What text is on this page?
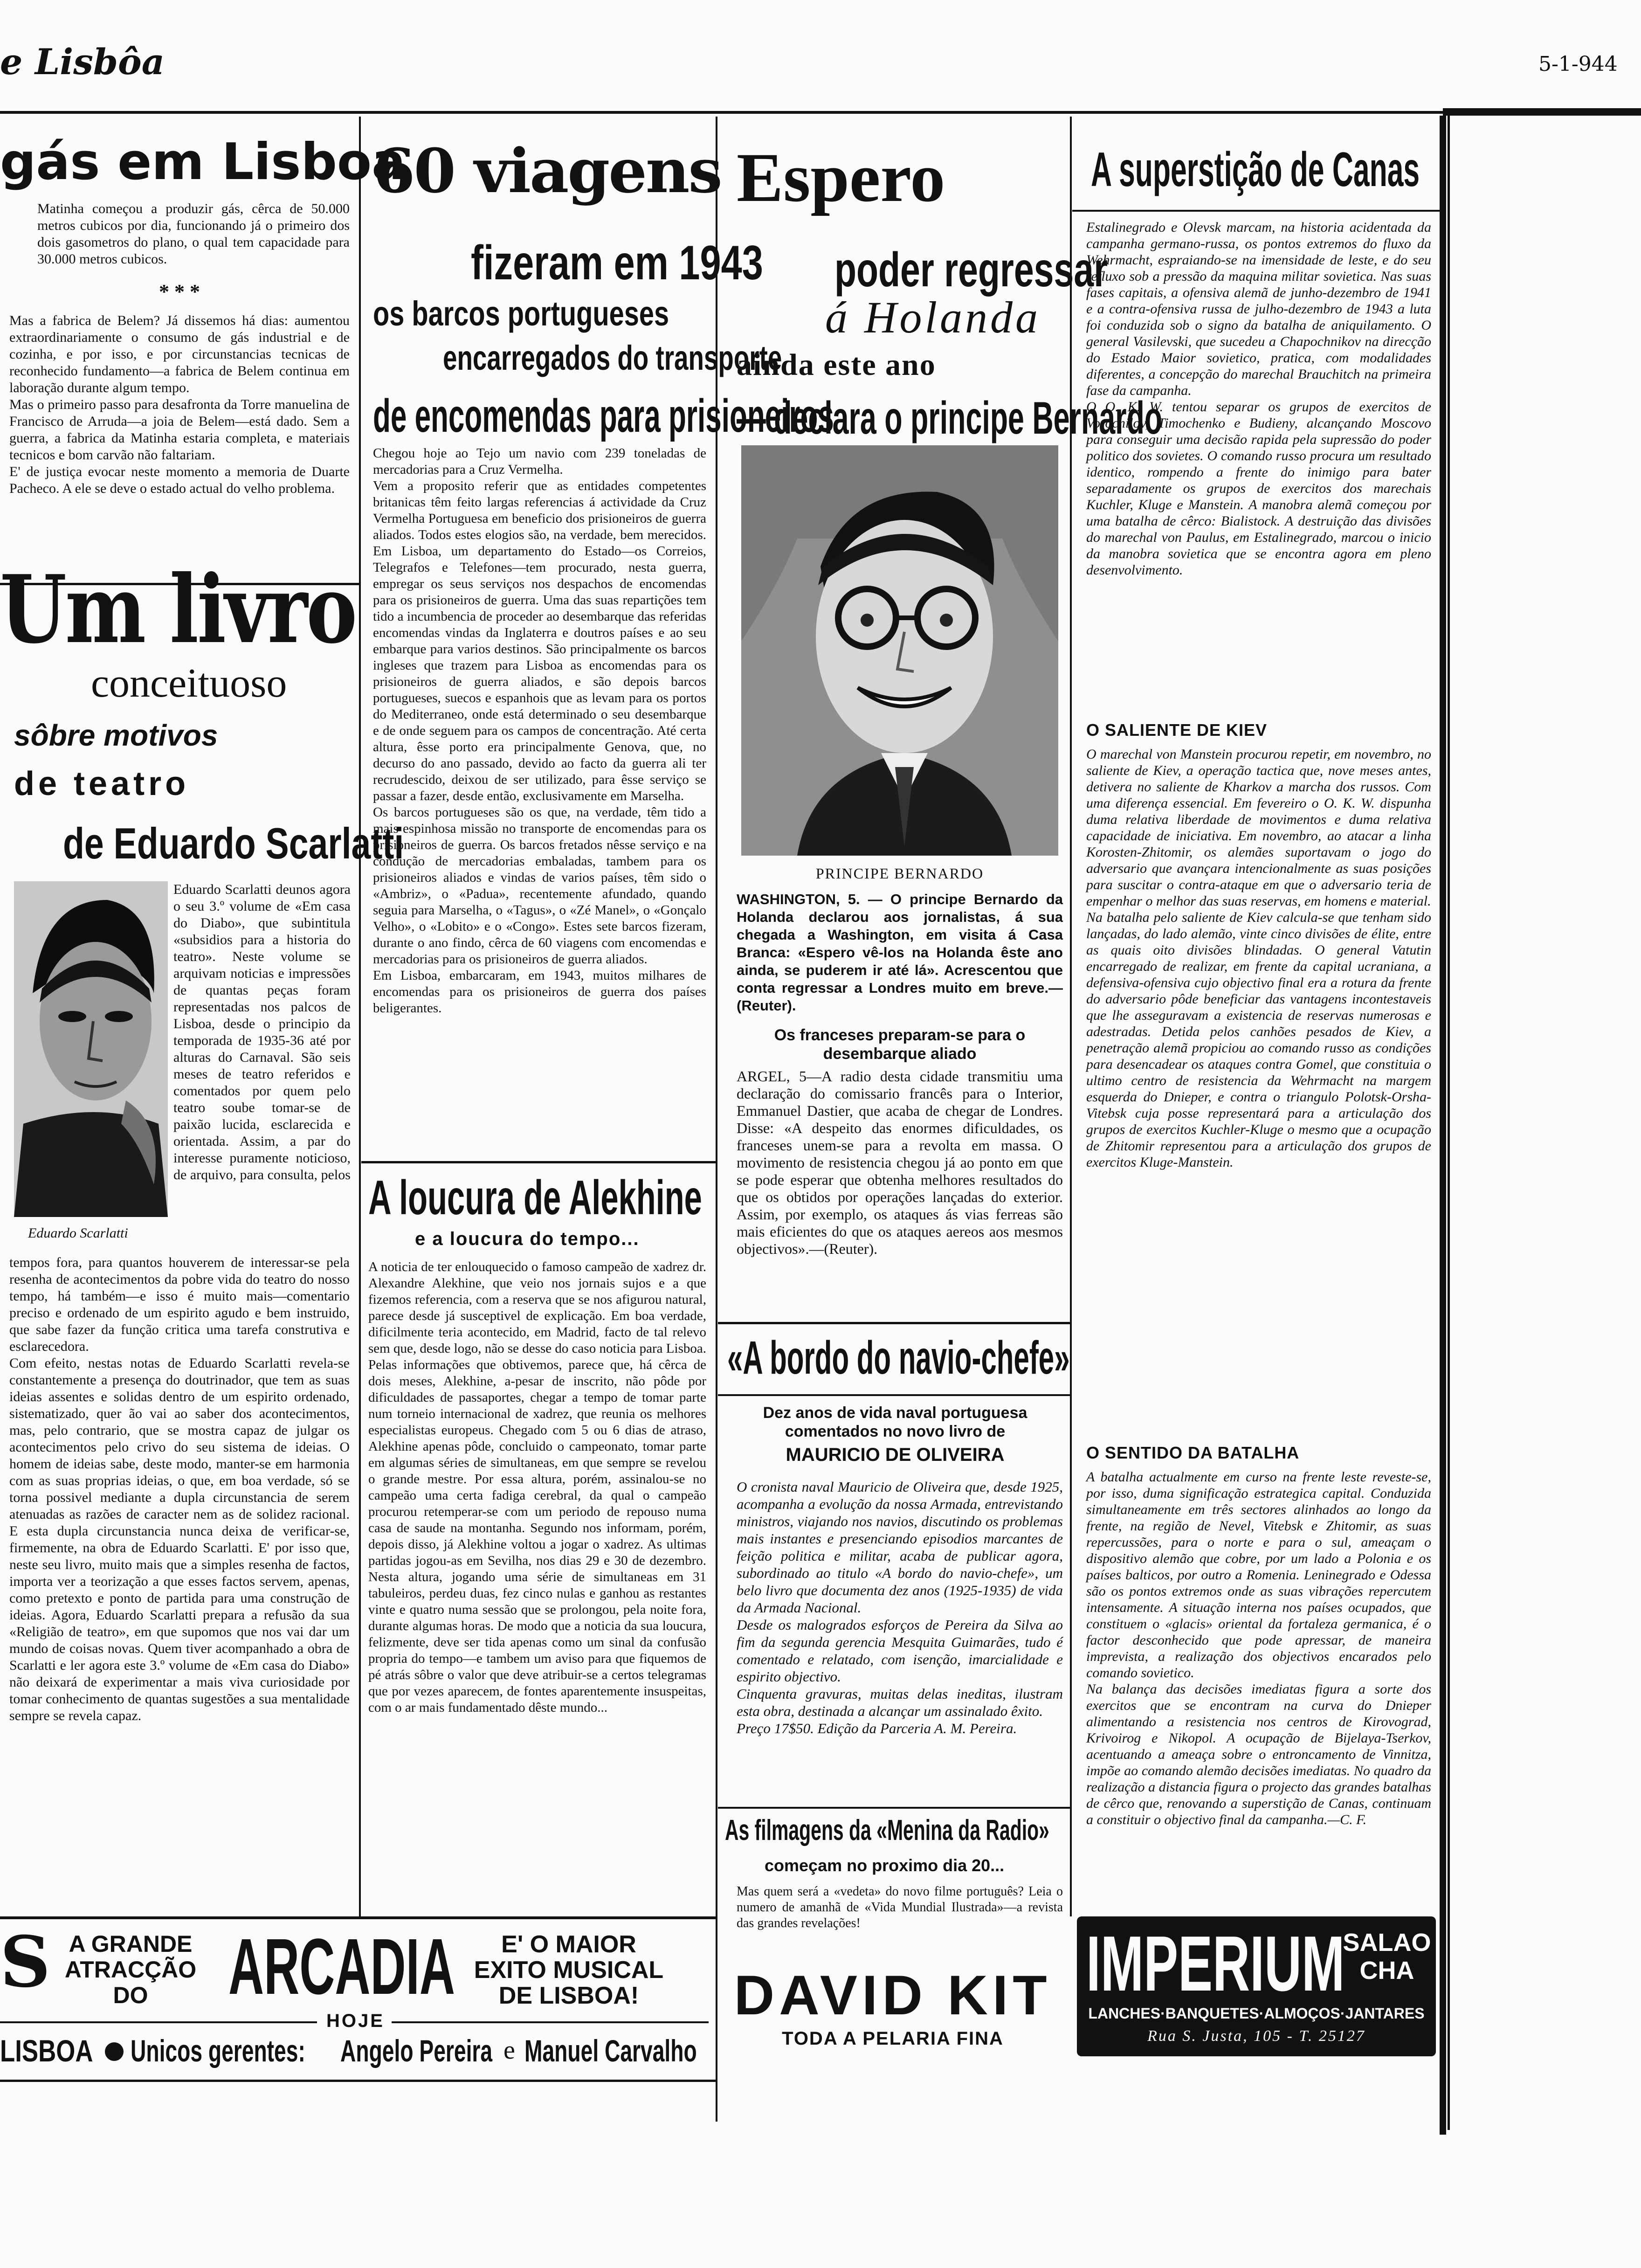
e Lisbôa	5-1-944
gás em Lisboa
Matinha começou a produzir gás, cêrca de 50.000 metros cubicos por dia, funcionando já o primeiro dos dois gasometros do plano, o qual tem capacidade para 30.000 metros cubicos.
* * *
Mas a fabrica de Belem? Já dissemos há dias: aumentou extraordinariamente o consumo de gás industrial e de cozinha, e por isso, e por circunstancias tecnicas de reconhecido fundamento—a fabrica de Belem continua em laboração durante algum tempo.
Mas o primeiro passo para desafronta da Torre manuelina de Francisco de Arruda—a joia de Belem—está dado. Sem a guerra, a fabrica da Matinha estaria completa, e materiais tecnicos e bom carvão não faltariam.
E' de justiça evocar neste momento a memoria de Duarte Pacheco. A ele se deve o estado actual do velho problema.
Um livro
conceituoso
sôbre motivos
de teatro
de Eduardo Scarlatti
Eduardo Scarlatti
Eduardo Scarlatti deunos agora o seu 3.º volume de «Em casa do Diabo», que subintitula «subsidios para a historia do teatro». Neste volume se arquivam noticias e impressões de quantas peças foram representadas nos palcos de Lisboa, desde o principio da temporada de 1935-36 até por alturas do Carnaval. São seis meses de teatro referidos e comentados por quem pelo teatro soube tomar-se de paixão lucida, esclarecida e orientada. Assim, a par do interesse puramente noticioso, de arquivo, para consulta, pelos
tempos fora, para quantos houverem de interessar-se pela resenha de acontecimentos da pobre vida do teatro do nosso tempo, há também—e isso é muito mais—comentario preciso e ordenado de um espirito agudo e bem instruido, que sabe fazer da função critica uma tarefa construtiva e esclarecedora.
Com efeito, nestas notas de Eduardo Scarlatti revela-se constantemente a presença do doutrinador, que tem as suas ideias assentes e solidas dentro de um espirito ordenado, sistematizado, quer ão vai ao saber dos acontecimentos, mas, pelo contrario, que se mostra capaz de julgar os acontecimentos pelo crivo do seu sistema de ideias. O homem de ideias sabe, deste modo, manter-se em harmonia com as suas proprias ideias, o que, em boa verdade, só se torna possivel mediante a dupla circunstancia de serem atenuadas as razões de caracter nem as de solidez racional. E esta dupla circunstancia nunca deixa de verificar-se, firmemente, na obra de Eduardo Scarlatti. E' por isso que, neste seu livro, muito mais que a simples resenha de factos, importa ver a teorização a que esses factos servem, apenas, como pretexto e ponto de partida para uma construção de ideias. Agora, Eduardo Scarlatti prepara a refusão da sua «Religião de teatro», em que supomos que nos vai dar um mundo de coisas novas. Quem tiver acompanhado a obra de Scarlatti e ler agora este 3.º volume de «Em casa do Diabo» não deixará de experimentar a mais viva curiosidade por tomar conhecimento de quantas sugestões a sua mentalidade sempre se revela capaz.
60 viagens
fizeram em 1943
os barcos portugueses
encarregados do transporte
de encomendas para prisioneiros
Chegou hoje ao Tejo um navio com 239 toneladas de mercadorias para a Cruz Vermelha.
Vem a proposito referir que as entidades competentes britanicas têm feito largas referencias á actividade da Cruz Vermelha Portuguesa em beneficio dos prisioneiros de guerra aliados. Todos estes elogios são, na verdade, bem merecidos. Em Lisboa, um departamento do Estado—os Correios, Telegrafos e Telefones—tem procurado, nesta guerra, empregar os seus serviços nos despachos de encomendas para os prisioneiros de guerra. Uma das suas repartições tem tido a incumbencia de proceder ao desembarque das referidas encomendas vindas da Inglaterra e doutros países e ao seu embarque para varios destinos. São principalmente os barcos ingleses que trazem para Lisboa as encomendas para os prisioneiros de guerra aliados, e são depois barcos portugueses, suecos e espanhois que as levam para os portos do Mediterraneo, onde está determinado o seu desembarque e de onde seguem para os campos de concentração. Até certa altura, êsse porto era principalmente Genova, que, no decurso do ano passado, devido ao facto da guerra ali ter recrudescido, deixou de ser utilizado, para êsse serviço se passar a fazer, desde então, exclusivamente em Marselha.
Os barcos portugueses são os que, na verdade, têm tido a mais espinhosa missão no transporte de encomendas para os prisioneiros de guerra. Os barcos fretados nêsse serviço e na condução de mercadorias embaladas, tambem para os prisioneiros aliados e vindas de varios países, têm sido o «Ambriz», o «Padua», recentemente afundado, quando seguia para Marselha, o «Tagus», o «Zé Manel», o «Gonçalo Velho», o «Lobito» e o «Congo». Estes sete barcos fizeram, durante o ano findo, cêrca de 60 viagens com encomendas e mercadorias para os prisioneiros de guerra aliados.
Em Lisboa, embarcaram, em 1943, muitos milhares de encomendas para os prisioneiros de guerra dos países beligerantes.
A loucura de Alekhine
e a loucura do tempo...
A noticia de ter enlouquecido o famoso campeão de xadrez dr. Alexandre Alekhine, que veio nos jornais sujos e a que fizemos referencia, com a reserva que se nos afigurou natural, parece desde já susceptivel de explicação. Em boa verdade, dificilmente teria acontecido, em Madrid, facto de tal relevo sem que, desde logo, não se desse do caso noticia para Lisboa. Pelas informações que obtivemos, parece que, há cêrca de dois meses, Alekhine, a-pesar de inscrito, não pôde por dificuldades de passaportes, chegar a tempo de tomar parte num torneio internacional de xadrez, que reunia os melhores especialistas europeus. Chegado com 5 ou 6 dias de atraso, Alekhine apenas pôde, concluido o campeonato, tomar parte em algumas séries de simultaneas, em que sempre se revelou o grande mestre. Por essa altura, porém, assinalou-se no campeão uma certa fadiga cerebral, da qual o campeão procurou retemperar-se com um periodo de repouso numa casa de saude na montanha. Segundo nos informam, porém, depois disso, já Alekhine voltou a jogar o xadrez. As ultimas partidas jogou-as em Sevilha, nos dias 29 e 30 de dezembro. Nesta altura, jogando uma série de simultaneas em 31 tabuleiros, perdeu duas, fez cinco nulas e ganhou as restantes vinte e quatro numa sessão que se prolongou, pela noite fora, durante algumas horas. De modo que a noticia da sua loucura, felizmente, deve ser tida apenas como um sinal da confusão propria do tempo—e tambem um aviso para que fiquemos de pé atrás sôbre o valor que deve atribuir-se a certos telegramas que por vezes aparecem, de fontes aparentemente insuspeitas, com o ar mais fundamentado dêste mundo...
Espero
poder regressar
á Holanda
ainda este ano
— declara o principe Bernardo
PRINCIPE BERNARDO
WASHINGTON, 5. — O principe Bernardo da Holanda declarou aos jornalistas, á sua chegada a Washington, em visita á Casa Branca: «Espero vê-los na Holanda êste ano ainda, se puderem ir até lá». Acrescentou que conta regressar a Londres muito em breve.—(Reuter).
Os franceses preparam-se para o desembarque aliado
ARGEL, 5—A radio desta cidade transmitiu uma declaração do comissario francês para o Interior, Emmanuel Dastier, que acaba de chegar de Londres. Disse: «A despeito das enormes dificuldades, os franceses unem-se para a revolta em massa. O movimento de resistencia chegou já ao ponto em que se pode esperar que obtenha melhores resultados do que os obtidos por operações lançadas do exterior. Assim, por exemplo, os ataques ás vias ferreas são mais eficientes do que os ataques aereos aos mesmos objectivos».—(Reuter).
«A bordo do navio-chefe»
Dez anos de vida naval portuguesa comentados no novo livro de
MAURICIO DE OLIVEIRA
O cronista naval Mauricio de Oliveira que, desde 1925, acompanha a evolução da nossa Armada, entrevistando ministros, viajando nos navios, discutindo os problemas mais instantes e presenciando episodios marcantes de feição politica e militar, acaba de publicar agora, subordinado ao titulo «A bordo do navio-chefe», um belo livro que documenta dez anos (1925-1935) de vida da Armada Nacional.
Desde os malogrados esforços de Pereira da Silva ao fim da segunda gerencia Mesquita Guimarães, tudo é comentado e relatado, com isenção, imarcialidade e espirito objectivo.
Cinquenta gravuras, muitas delas ineditas, ilustram esta obra, destinada a alcançar um assinalado êxito.
Preço 17$50. Edição da Parceria A. M. Pereira.
As filmagens da «Menina da Radio»
começam no proximo dia 20...
Mas quem será a «vedeta» do novo filme português? Leia o numero de amanhã de «Vida Mundial Ilustrada»—a revista das grandes revelações!
A superstição de Canas
Estalinegrado e Olevsk marcam, na historia acidentada da campanha germano-russa, os pontos extremos do fluxo da Wehrmacht, espraiando-se na imensidade de leste, e do seu refluxo sob a pressão da maquina militar sovietica. Nas suas fases capitais, a ofensiva alemã de junho-dezembro de 1941 e a contra-ofensiva russa de julho-dezembro de 1943 a luta foi conduzida sob o signo da batalha de aniquilamento. O general Vasilevski, que sucedeu a Chapochnikov na direcção do Estado Maior sovietico, pratica, com modalidades diferentes, a concepção do marechal Brauchitch na primeira fase da campanha.
O O. K. W. tentou separar os grupos de exercitos de Vorochilov, Timochenko e Budieny, alcançando Moscovo para conseguir uma decisão rapida pela supressão do poder politico dos sovietes. O comando russo procura um resultado identico, rompendo a frente do inimigo para bater separadamente os grupos de exercitos dos marechais Kuchler, Kluge e Manstein. A manobra alemã começou por uma batalha de cêrco: Bialistock. A destruição das divisões do marechal von Paulus, em Estalinegrado, marcou o inicio da manobra sovietica que se encontra agora em pleno desenvolvimento.
O SALIENTE DE KIEV
O marechal von Manstein procurou repetir, em novembro, no saliente de Kiev, a operação tactica que, nove meses antes, detivera no saliente de Kharkov a marcha dos russos. Com uma diferença essencial. Em fevereiro o O. K. W. dispunha duma relativa liberdade de movimentos e duma relativa capacidade de iniciativa. Em novembro, ao atacar a linha Korosten-Zhitomir, os alemães suportavam o jogo do adversario que avançara intencionalmente as suas posições para suscitar o contra-ataque em que o adversario teria de empenhar o melhor das suas reservas, em homens e material.
Na batalha pelo saliente de Kiev calcula-se que tenham sido lançadas, do lado alemão, vinte cinco divisões de élite, entre as quais oito divisões blindadas. O general Vatutin encarregado de realizar, em frente da capital ucraniana, a defensiva-ofensiva cujo objectivo final era a rotura da frente do adversario pôde beneficiar das vantagens incontestaveis que lhe asseguravam a existencia de reservas numerosas e adestradas. Detida pelos canhões pesados de Kiev, a penetração alemã propiciou ao comando russo as condições para desencadear os ataques contra Gomel, que constituia o ultimo centro de resistencia da Wehrmacht na margem esquerda do Dnieper, e contra o triangulo Polotsk-Orsha-Vitebsk cuja posse representará para a articulação dos grupos de exercitos Kuchler-Kluge o mesmo que a ocupação de Zhitomir representou para a articulação dos grupos de exercitos Kluge-Manstein.
O SENTIDO DA BATALHA
A batalha actualmente em curso na frente leste reveste-se, por isso, duma significação estrategica capital. Conduzida simultaneamente em três sectores alinhados ao longo da frente, na região de Nevel, Vitebsk e Zhitomir, as suas repercussões, para o norte e para o sul, ameaçam o dispositivo alemão que cobre, por um lado a Polonia e os países balticos, por outro a Romenia. Leninegrado e Odessa são os pontos extremos onde as suas vibrações repercutem intensamente. A situação interna nos países ocupados, que constituem o «glacis» oriental da fortaleza germanica, é o factor desconhecido que pode apressar, de maneira imprevista, a realização dos objectivos encarados pelo comando sovietico.
Na balança das decisões imediatas figura a sorte dos exercitos que se encontram na curva do Dnieper alimentando a resistencia nos centros de Kirovograd, Krivoirog e Nikopol. A ocupação de Bijelaya-Tserkov, acentuando a ameaça sobre o entroncamento de Vinnitza, impõe ao comando alemão decisões imediatas. No quadro da realização a distancia figura o projecto das grandes batalhas de cêrco que, renovando a superstição de Canas, continuam a constituir o objectivo final da campanha.—C. F.
S A GRANDE
ATRACÇÃO
DO	ARCADIA	E' O MAIOR
EXITO MUSICAL
DE LISBOA!
HOJE
LISBOA Unicos gerentes: Angelo Pereira e Manuel Carvalho
DAVID KIT
TODA A PELARIA FINA
IMPERIUM
SALAO
CHA
LANCHES·BANQUETES·ALMOÇOS·JANTARES
Rua S. Justa, 105 - T. 25127
